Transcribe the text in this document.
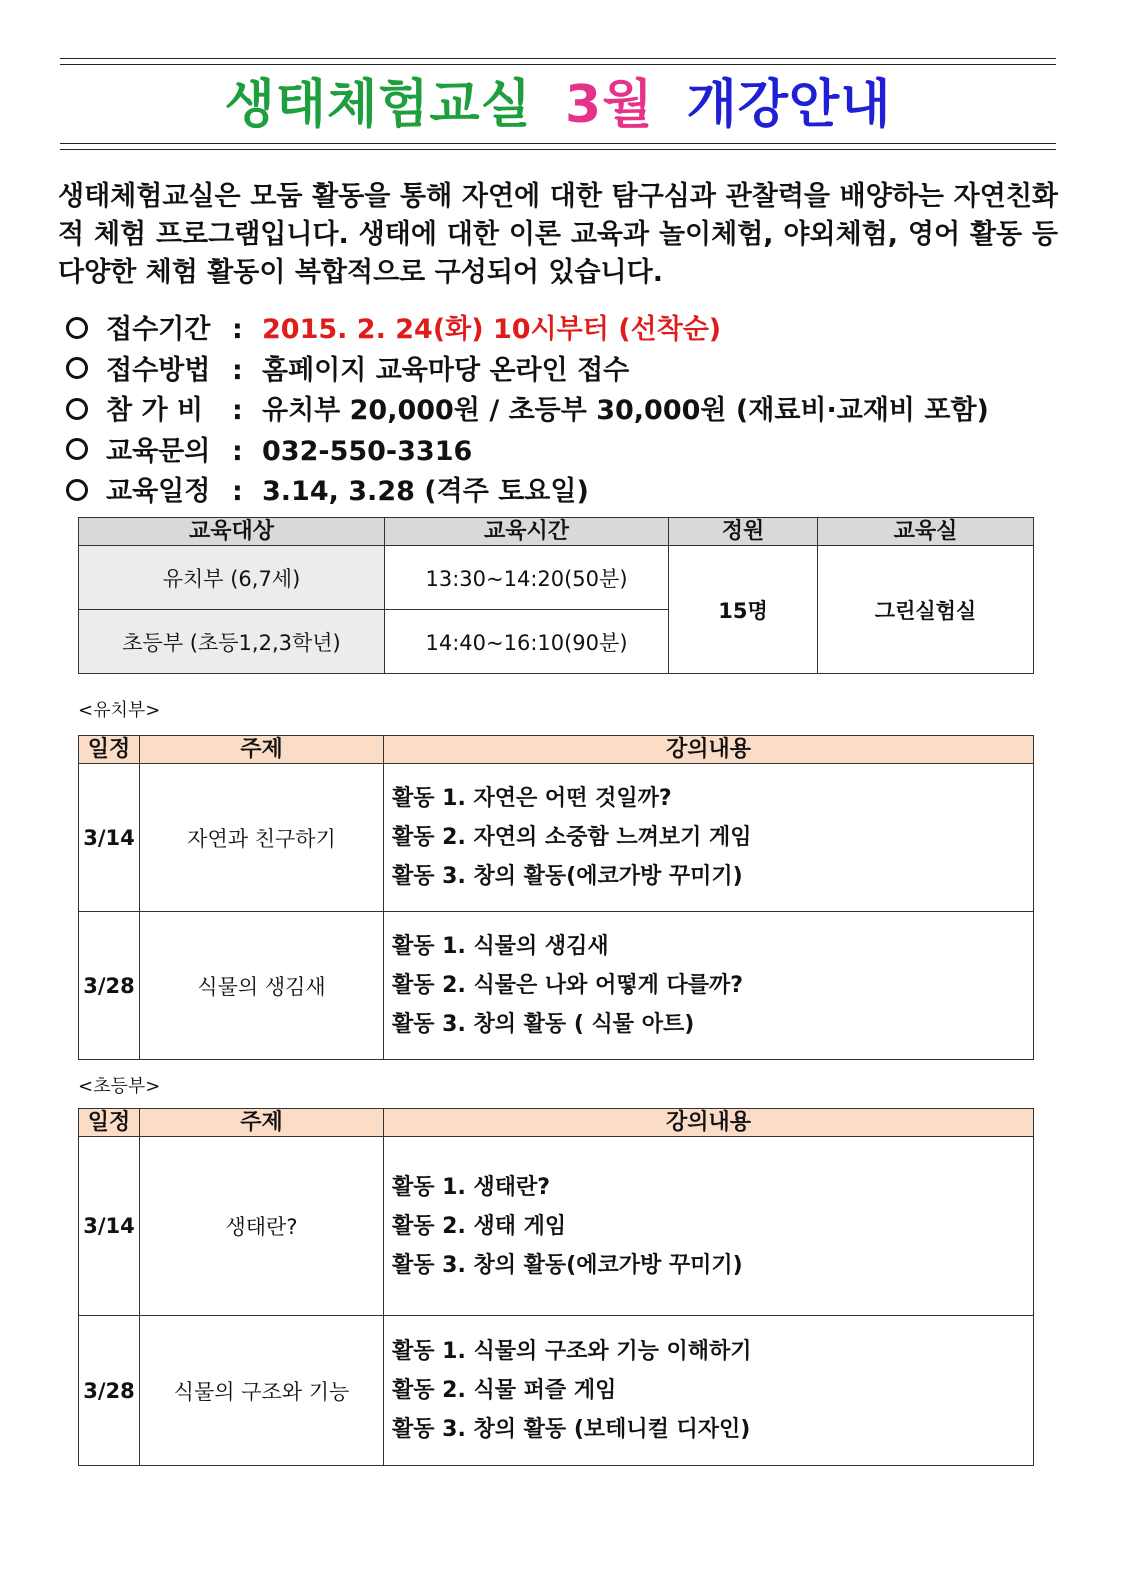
생태체험교실 3월 개강안내
생태체험교실은 모둠 활동을 통해 자연에 대한 탐구심과 관찰력을 배양하는 자연친화적 체험 프로그램입니다. 생태에 대한 이론 교육과 놀이체험, 야외체험, 영어 활동 등 다양한 체험 활동이 복합적으로 구성되어 있습니다.
접수기간 : 2015. 2. 24(화) 10시부터 (선착순)
접수방법 : 홈페이지 교육마당 온라인 접수
참 가 비 : 유치부 20,000원 / 초등부 30,000원 (재료비·교재비 포함)
교육문의 : 032-550-3316
교육일정 : 3.14, 3.28 (격주 토요일)
교육대상	교육시간	정원	교육실
유치부 (6,7세)	13:30~14:20(50분)	15명	그린실험실
초등부 (초등1,2,3학년)	14:40~16:10(90분)		
<유치부>
일정	주제	강의내용
3/14	자연과 친구하기	활동 1. 자연은 어떤 것일까?
활동 2. 자연의 소중함 느껴보기 게임
활동 3. 창의 활동(에코가방 꾸미기)

3/28	식물의 생김새	활동 1. 식물의 생김새
활동 2. 식물은 나와 어떻게 다를까?
활동 3. 창의 활동 ( 식물 아트)
<초등부>
일정	주제	강의내용
3/14	생태란?	활동 1. 생태란?
활동 2. 생태 게임
활동 3. 창의 활동(에코가방 꾸미기)

3/28	식물의 구조와 기능	활동 1. 식물의 구조와 기능 이해하기
활동 2. 식물 퍼즐 게임
활동 3. 창의 활동 (보테니컬 디자인)
